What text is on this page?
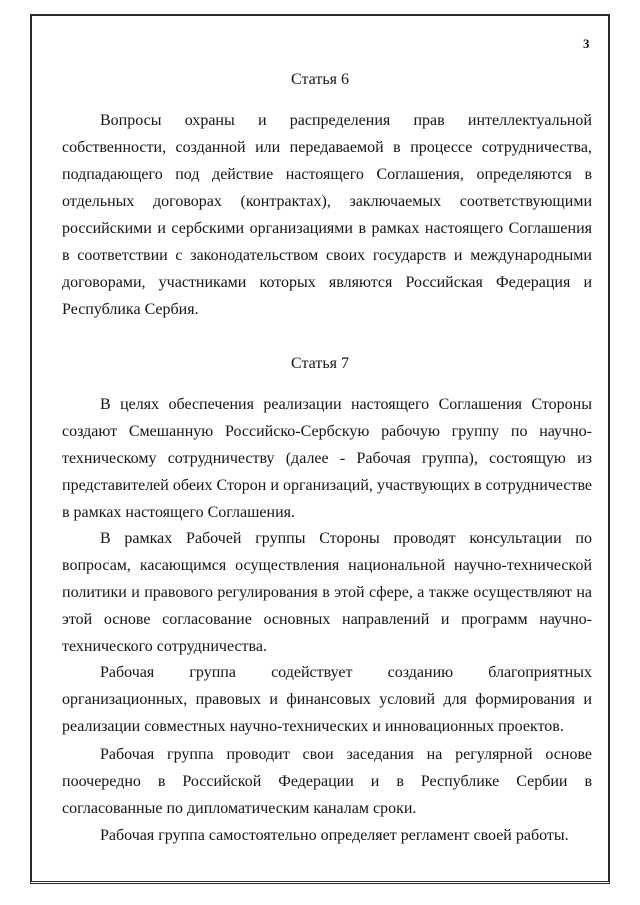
3
Статья 6
Вопросы охраны и распределения прав интеллектуальной собственности, созданной или передаваемой в процессе сотрудничества, подпадающего под действие настоящего Соглашения, определяются в отдельных договорах (контрактах), заключаемых соответствующими российскими и сербскими организациями в рамках настоящего Соглашения в соответствии с законодательством своих государств и международными договорами, участниками которых являются Российская Федерация и Республика Сербия.
Статья 7
В целях обеспечения реализации настоящего Соглашения Стороны создают Смешанную Российско-Сербскую рабочую группу по научно-техническому сотрудничеству (далее - Рабочая группа), состоящую из представителей обеих Сторон и организаций, участвующих в сотрудничестве в рамках настоящего Соглашения.
В рамках Рабочей группы Стороны проводят консультации по вопросам, касающимся осуществления национальной научно-технической политики и правового регулирования в этой сфере, а также осуществляют на этой основе согласование основных направлений и программ научно-технического сотрудничества.
Рабочая группа содействует созданию благоприятных организационных, правовых и финансовых условий для формирования и реализации совместных научно-технических и инновационных проектов.
Рабочая группа проводит свои заседания на регулярной основе поочередно в Российской Федерации и в Республике Сербии в согласованные по дипломатическим каналам сроки.
Рабочая группа самостоятельно определяет регламент своей работы.
